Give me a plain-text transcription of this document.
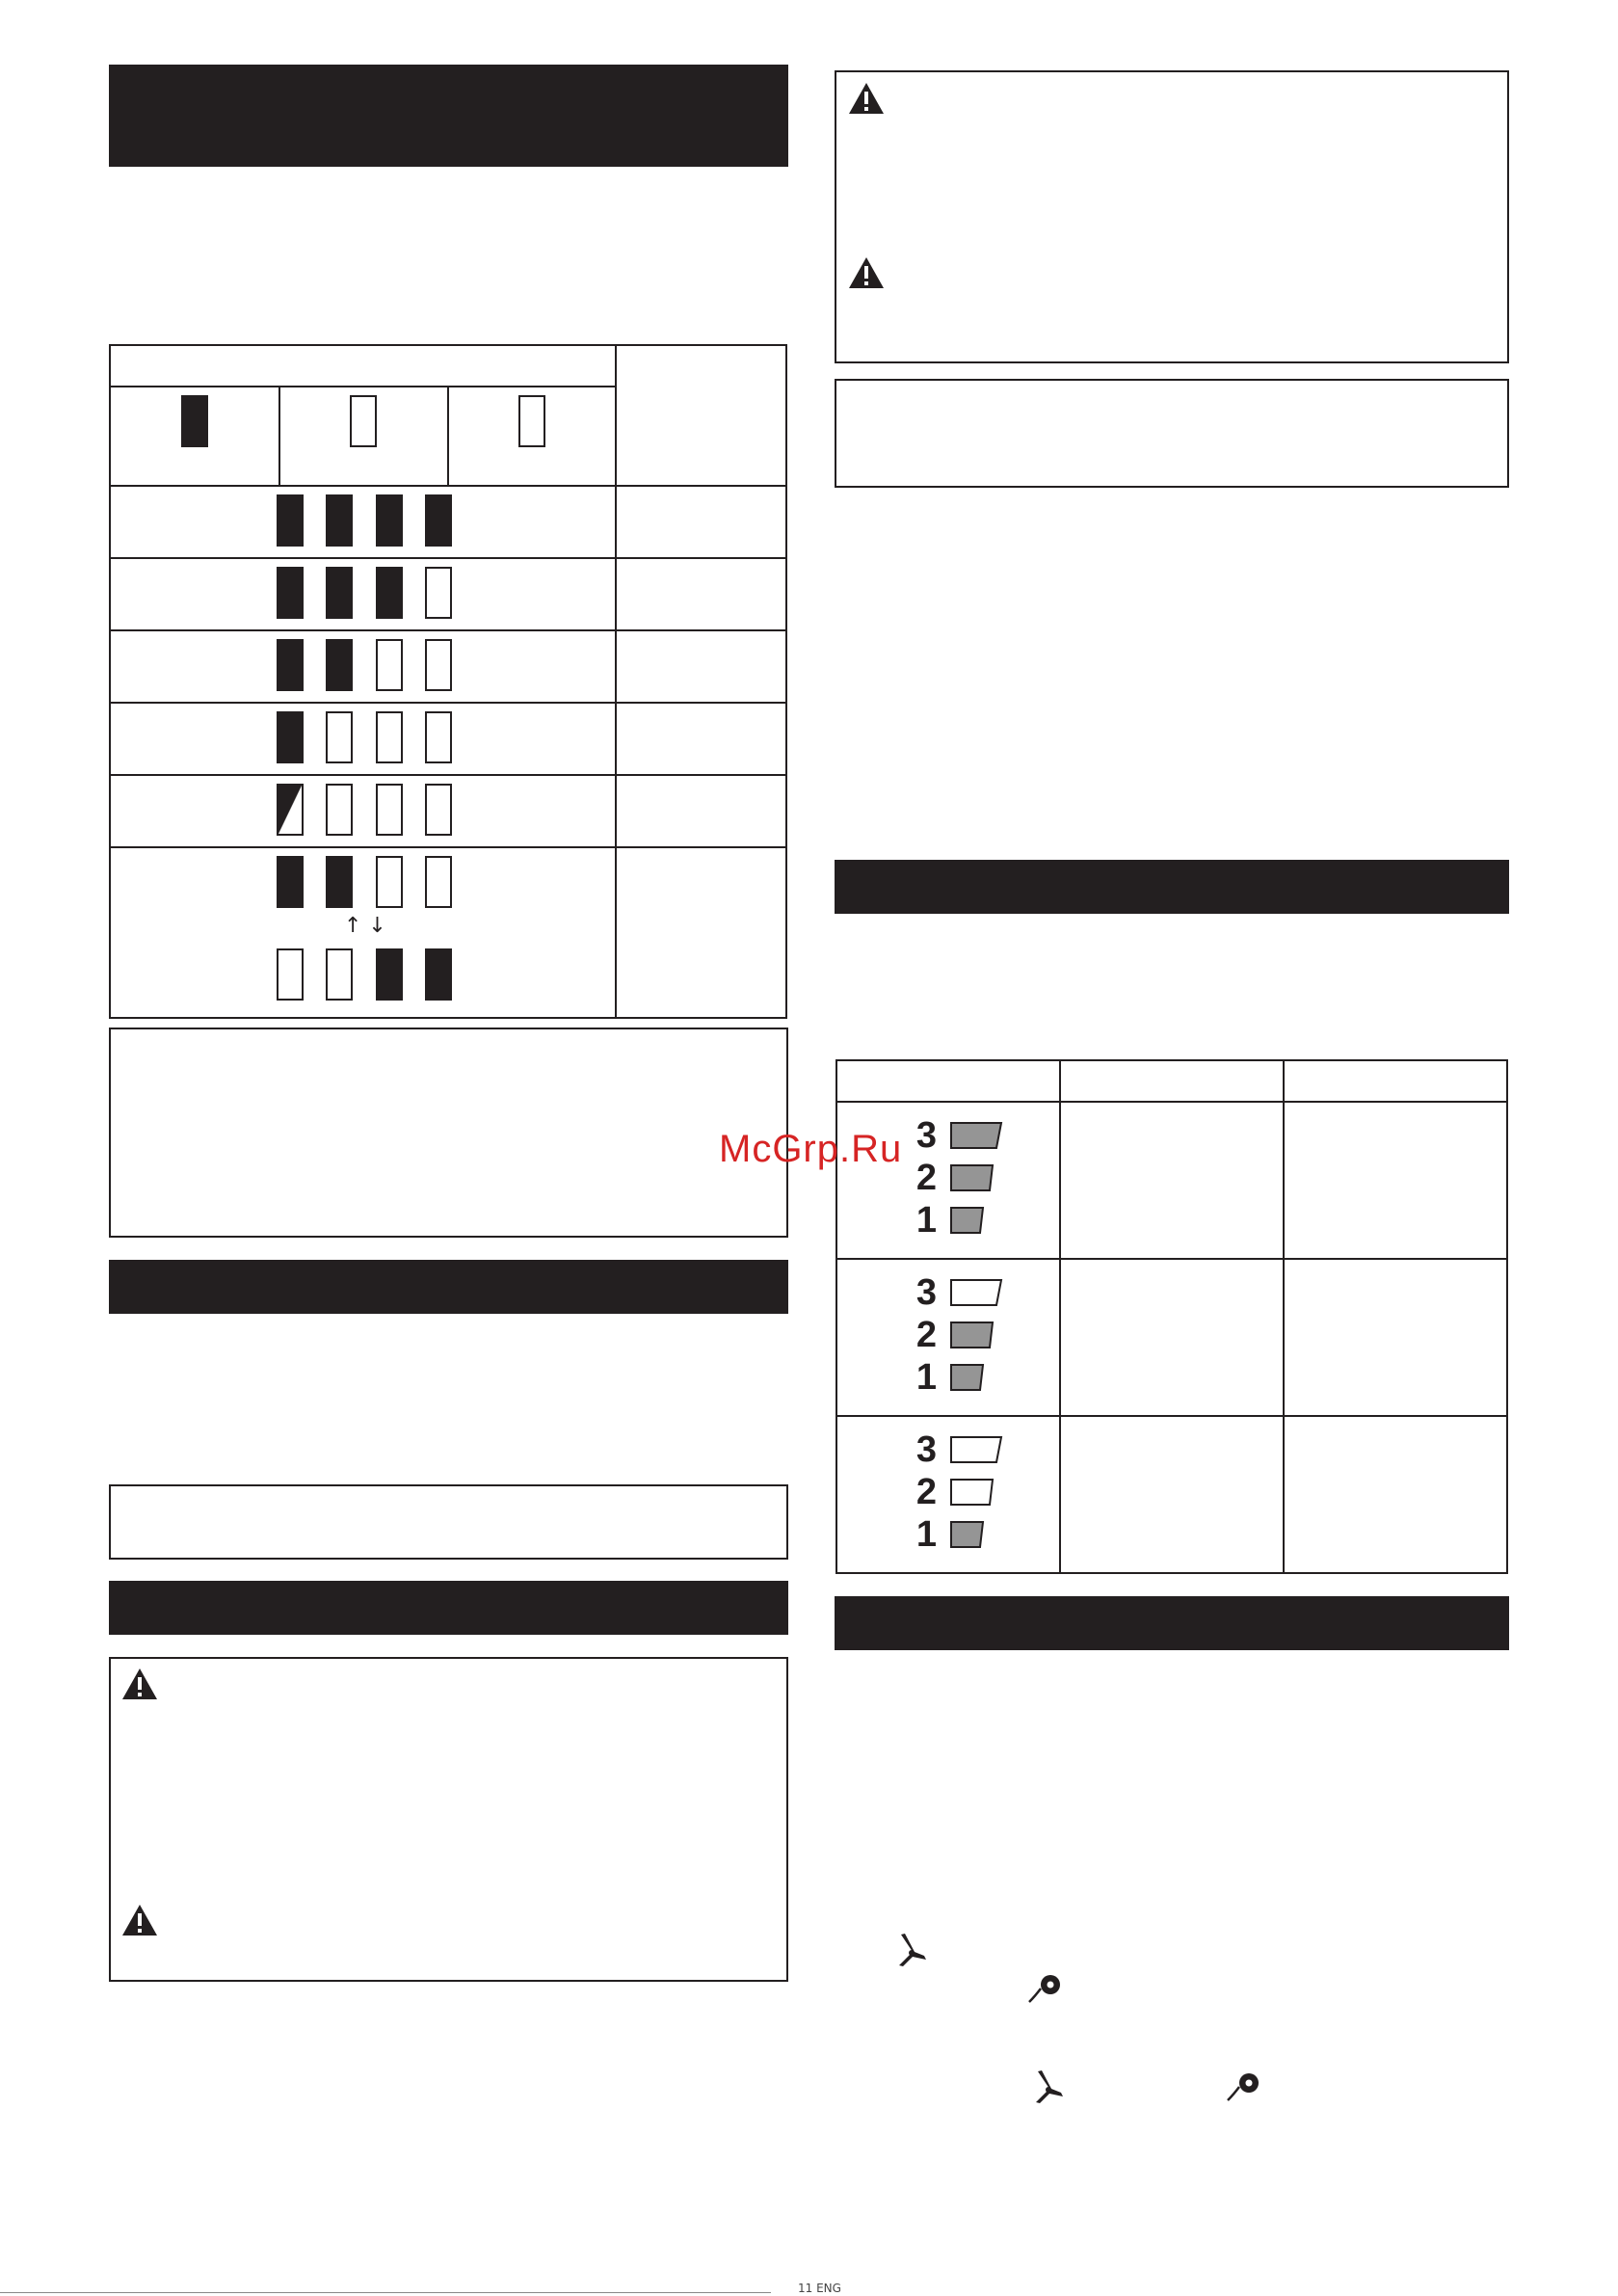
↑ ↓
3
2
1
3
2
1
3
2
1
McGrp.Ru
11 ENG
